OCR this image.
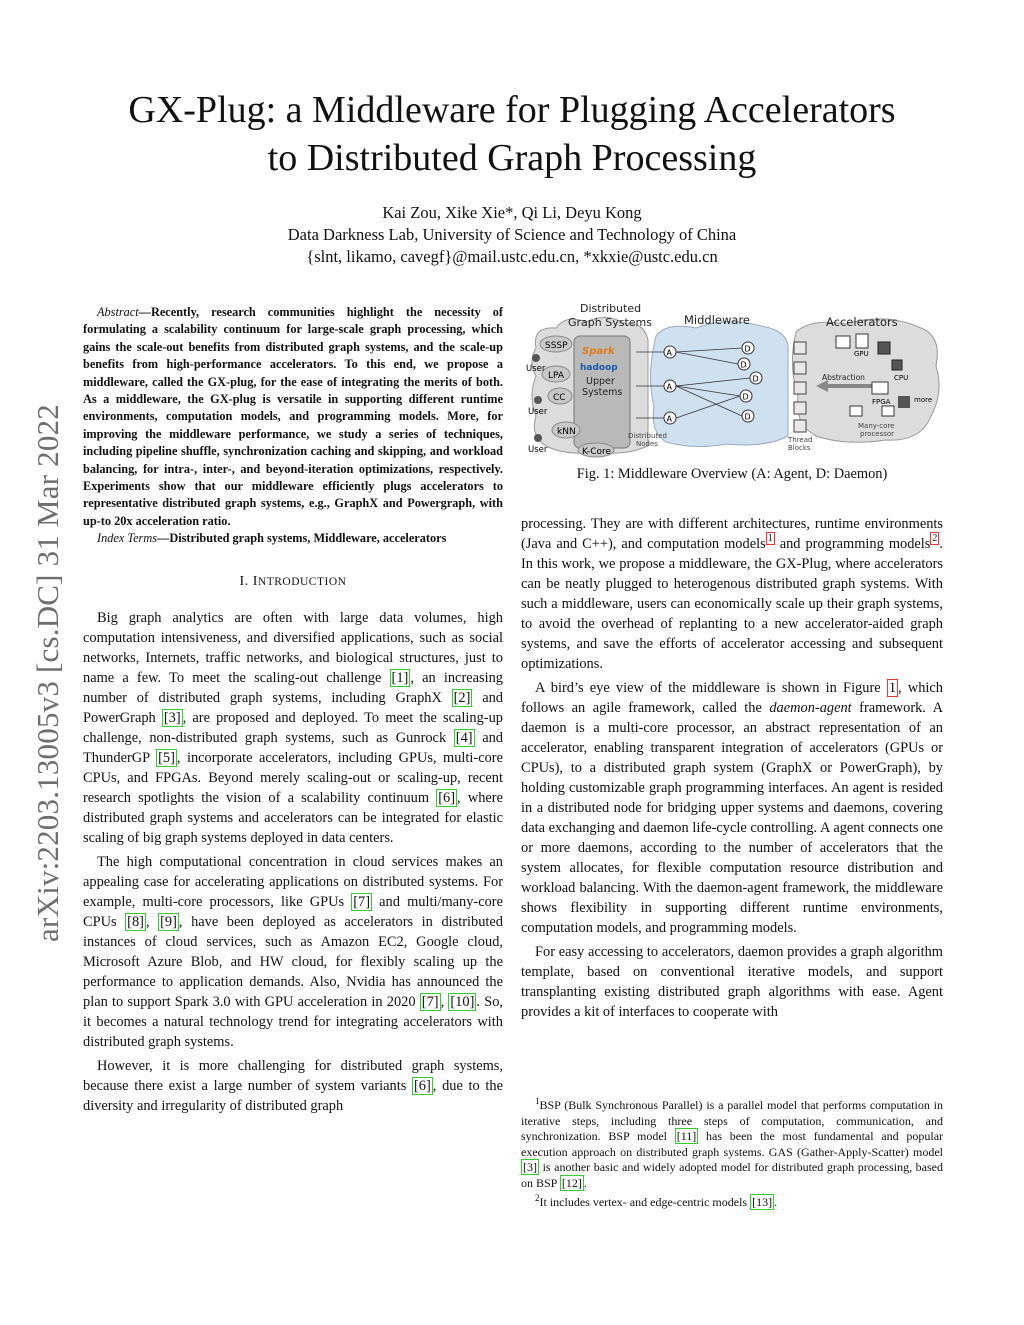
GX-Plug: a Middleware for Plugging Accelerators
to Distributed Graph Processing
Kai Zou, Xike Xie*, Qi Li, Deyu Kong
Data Darkness Lab, University of Science and Technology of China
{slnt, likamo, cavegf}@mail.ustc.edu.cn, *xkxie@ustc.edu.cn
arXiv:2203.13005v3 [cs.DC] 31 Mar 2022

Abstract—Recently, research communities highlight the necessity of formulating a scalability continuum for large-scale graph processing, which gains the scale-out benefits from distributed graph systems, and the scale-up benefits from high-performance accelerators. To this end, we propose a middleware, called the GX-plug, for the ease of integrating the merits of both. As a middleware, the GX-plug is versatile in supporting different runtime environments, computation models, and programming models. More, for improving the middleware performance, we study a series of techniques, including pipeline shuffle, synchronization caching and skipping, and workload balancing, for intra-, inter-, and beyond-iteration optimizations, respectively. Experiments show that our middleware efficiently plugs accelerators to representative distributed graph systems, e.g., GraphX and Powergraph, with up-to 20x acceleration ratio.

Index Terms—Distributed graph systems, Middleware, accelerators

I. INTRODUCTION

Big graph analytics are often with large data volumes, high computation intensiveness, and diversified applications, such as social networks, Internets, traffic networks, and biological structures, just to name a few. To meet the scaling-out challenge [1] , an increasing number of distributed graph systems, including GraphX [2] and PowerGraph [3] , are proposed and deployed. To meet the scaling-up challenge, non-distributed graph systems, such as Gunrock [4] and ThunderGP [5] , incorporate accelerators, including GPUs, multi-core CPUs, and FPGAs. Beyond merely scaling-out or scaling-up, recent research spotlights the vision of a scalability continuum [6] , where distributed graph systems and accelerators can be integrated for elastic scaling of big graph systems deployed in data centers.

The high computational concentration in cloud services makes an appealing case for accelerating applications on distributed systems. For example, multi-core processors, like GPUs [7] and multi/many-core CPUs [8] , [9] , have been deployed as accelerators in distributed instances of cloud services, such as Amazon EC2, Google cloud, Microsoft Azure Blob, and HW cloud, for flexibly scaling up the performance to application demands. Also, Nvidia has announced the plan to support Spark 3.0 with GPU acceleration in 2020 [7] , [10] . So, it becomes a natural technology trend for integrating accelerators with distributed graph systems.

However, it is more challenging for distributed graph systems, because there exist a large number of system variants [6] , due to the diversity and irregularity of distributed graph

Distributed
Graph Systems	Middleware	Accelerators
Spark
hadoop
Upper
Systems
SSSP
LPA
CC
kNN
K-Core
User
User
User
A
A
A
D
D
D
D
D
Distributed
Nodes	Thread
Blocks
Abstraction
GPU
CPU
FPGA	more
Many-core
processor
Fig. 1: Middleware Overview (A: Agent, D: Daemon)

processing. They are with different architectures, runtime environments (Java and C++), and computation models $^1$ and programming models $^2$ . In this work, we propose a middleware, the GX-Plug, where accelerators can be neatly plugged to heterogenous distributed graph systems. With such a middleware, users can economically scale up their graph systems, to avoid the overhead of replanting to a new accelerator-aided graph systems, and save the efforts of accelerator accessing and subsequent optimizations.

A bird’s eye view of the middleware is shown in Figure 1 , which follows an agile framework, called the daemon-agent framework. A daemon is a multi-core processor, an abstract representation of an accelerator, enabling transparent integration of accelerators (GPUs or CPUs), to a distributed graph system (GraphX or PowerGraph), by holding customizable graph programming interfaces. An agent is resided in a distributed node for bridging upper systems and daemons, covering data exchanging and daemon life-cycle controlling. A agent connects one or more daemons, according to the number of accelerators that the system allocates, for flexible computation resource distribution and workload balancing. With the daemon-agent framework, the middleware shows flexibility in supporting different runtime environments, computation models, and programming models.

For easy accessing to accelerators, daemon provides a graph algorithm template, based on conventional iterative models, and support transplanting existing distributed graph algorithms with ease. Agent provides a kit of interfaces to cooperate with

$^1$BSP (Bulk Synchronous Parallel) is a parallel model that performs computation in iterative steps, including three steps of computation, communication, and synchronization. BSP model [11] has been the most fundamental and popular execution approach on distributed graph systems. GAS (Gather-Apply-Scatter) model [3] is another basic and widely adopted model for distributed graph processing, based on BSP [12] .

$^2$It includes vertex- and edge-centric models [13] .
